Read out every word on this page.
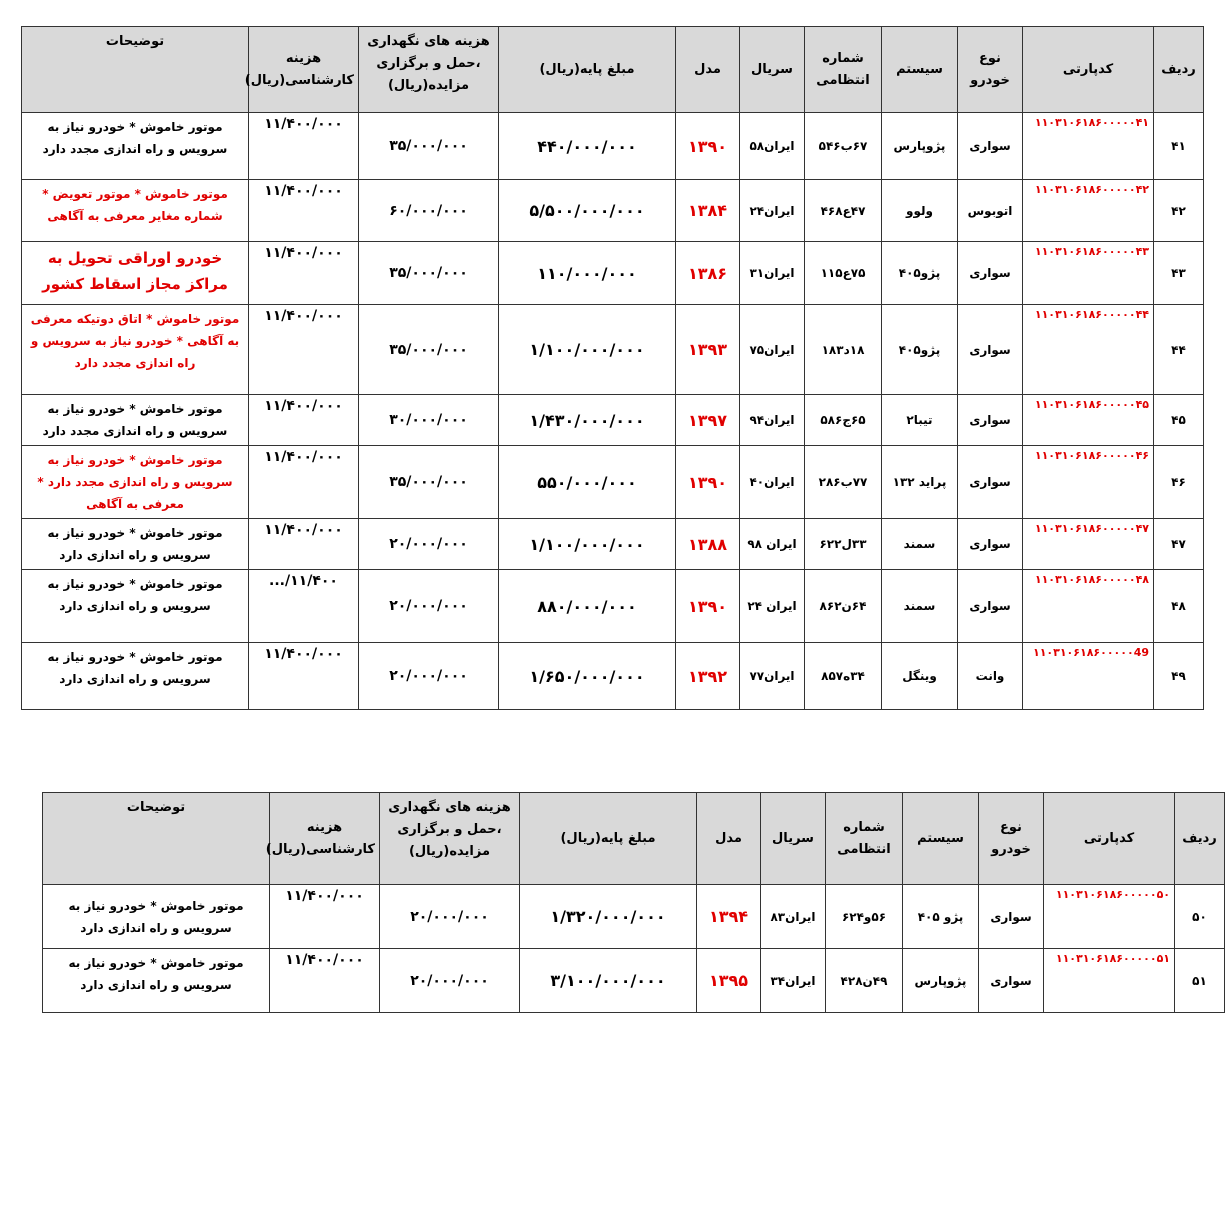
ردیف	کدپارتی	نوع خودرو	سیستم	شماره انتظامی	سریال	مدل	مبلغ پایه(ریال)	هزینه های نگهداری ،حمل و برگزاری مزایده(ریال)	هزینه کارشناسی(ریال)	توضیحات
۴۱	۱۱۰۳۱۰۶۱۸۶۰۰۰۰۰۴۱	سواری	پژوپارس	۶۷ب۵۴۶	ایران۵۸	۱۳۹۰	۴۴۰/۰۰۰/۰۰۰	۳۵/۰۰۰/۰۰۰	۱۱/۴۰۰/۰۰۰	موتور خاموش * خودرو نیاز به سرویس و راه اندازی مجدد دارد
۴۲	۱۱۰۳۱۰۶۱۸۶۰۰۰۰۰۴۲	اتوبوس	ولوو	۴۷ع۴۶۸	ایران۲۴	۱۳۸۴	۵/۵۰۰/۰۰۰/۰۰۰	۶۰/۰۰۰/۰۰۰	۱۱/۴۰۰/۰۰۰	موتور خاموش * موتور تعویض * شماره مغایر معرفی به آگاهی
۴۳	۱۱۰۳۱۰۶۱۸۶۰۰۰۰۰۴۳	سواری	پژو۴۰۵	۷۵ع۱۱۵	ایران۳۱	۱۳۸۶	۱۱۰/۰۰۰/۰۰۰	۳۵/۰۰۰/۰۰۰	۱۱/۴۰۰/۰۰۰	خودرو اوراقی تحویل به مراکز مجاز اسقاط کشور
۴۴	۱۱۰۳۱۰۶۱۸۶۰۰۰۰۰۴۴	سواری	پژو۴۰۵	۱۸د۱۸۳	ایران۷۵	۱۳۹۳	۱/۱۰۰/۰۰۰/۰۰۰	۳۵/۰۰۰/۰۰۰	۱۱/۴۰۰/۰۰۰	موتور خاموش * اتاق دوتیکه معرفی به آگاهی * خودرو نیاز به سرویس و راه اندازی مجدد دارد
۴۵	۱۱۰۳۱۰۶۱۸۶۰۰۰۰۰۴۵	سواری	تیبا۲	۶۵ج۵۸۶	ایران۹۴	۱۳۹۷	۱/۴۳۰/۰۰۰/۰۰۰	۳۰/۰۰۰/۰۰۰	۱۱/۴۰۰/۰۰۰	موتور خاموش * خودرو نیاز به سرویس و راه اندازی مجدد دارد
۴۶	۱۱۰۳۱۰۶۱۸۶۰۰۰۰۰۴۶	سواری	پراید ۱۳۲	۷۷ب۲۸۶	ایران۴۰	۱۳۹۰	۵۵۰/۰۰۰/۰۰۰	۳۵/۰۰۰/۰۰۰	۱۱/۴۰۰/۰۰۰	موتور خاموش * خودرو نیاز به سرویس و راه اندازی مجدد دارد * معرفی به آگاهی
۴۷	۱۱۰۳۱۰۶۱۸۶۰۰۰۰۰۴۷	سواری	سمند	۳۳ل۶۲۲	ایران ۹۸	۱۳۸۸	۱/۱۰۰/۰۰۰/۰۰۰	۲۰/۰۰۰/۰۰۰	۱۱/۴۰۰/۰۰۰	موتور خاموش * خودرو نیاز به سرویس و راه اندازی دارد
۴۸	۱۱۰۳۱۰۶۱۸۶۰۰۰۰۰۴۸	سواری	سمند	۶۴ن۸۶۲	ایران ۲۴	۱۳۹۰	۸۸۰/۰۰۰/۰۰۰	۲۰/۰۰۰/۰۰۰	۱۱/۴۰۰/...	موتور خاموش * خودرو نیاز به سرویس و راه اندازی دارد
۴۹	۱۱۰۳۱۰۶۱۸۶۰۰۰۰۰49	وانت	وینگل	۳۴ه۸۵۷	ایران۷۷	۱۳۹۲	۱/۶۵۰/۰۰۰/۰۰۰	۲۰/۰۰۰/۰۰۰	۱۱/۴۰۰/۰۰۰	موتور خاموش * خودرو نیاز به سرویس و راه اندازی دارد
ردیف	کدپارتی	نوع خودرو	سیستم	شماره انتظامی	سریال	مدل	مبلغ پایه(ریال)	هزینه های نگهداری ،حمل و برگزاری مزایده(ریال)	هزینه کارشناسی(ریال)	توضیحات
۵۰	۱۱۰۳۱۰۶۱۸۶۰۰۰۰۰۵۰	سواری	پژو ۴۰۵	۵۶و۶۲۴	ایران۸۳	۱۳۹۴	۱/۳۲۰/۰۰۰/۰۰۰	۲۰/۰۰۰/۰۰۰	۱۱/۴۰۰/۰۰۰	موتور خاموش * خودرو نیاز به سرویس و راه اندازی دارد
۵۱	۱۱۰۳۱۰۶۱۸۶۰۰۰۰۰۵۱	سواری	پژوپارس	۴۹ن۴۲۸	ایران۳۴	۱۳۹۵	۳/۱۰۰/۰۰۰/۰۰۰	۲۰/۰۰۰/۰۰۰	۱۱/۴۰۰/۰۰۰	موتور خاموش * خودرو نیاز به سرویس و راه اندازی دارد
